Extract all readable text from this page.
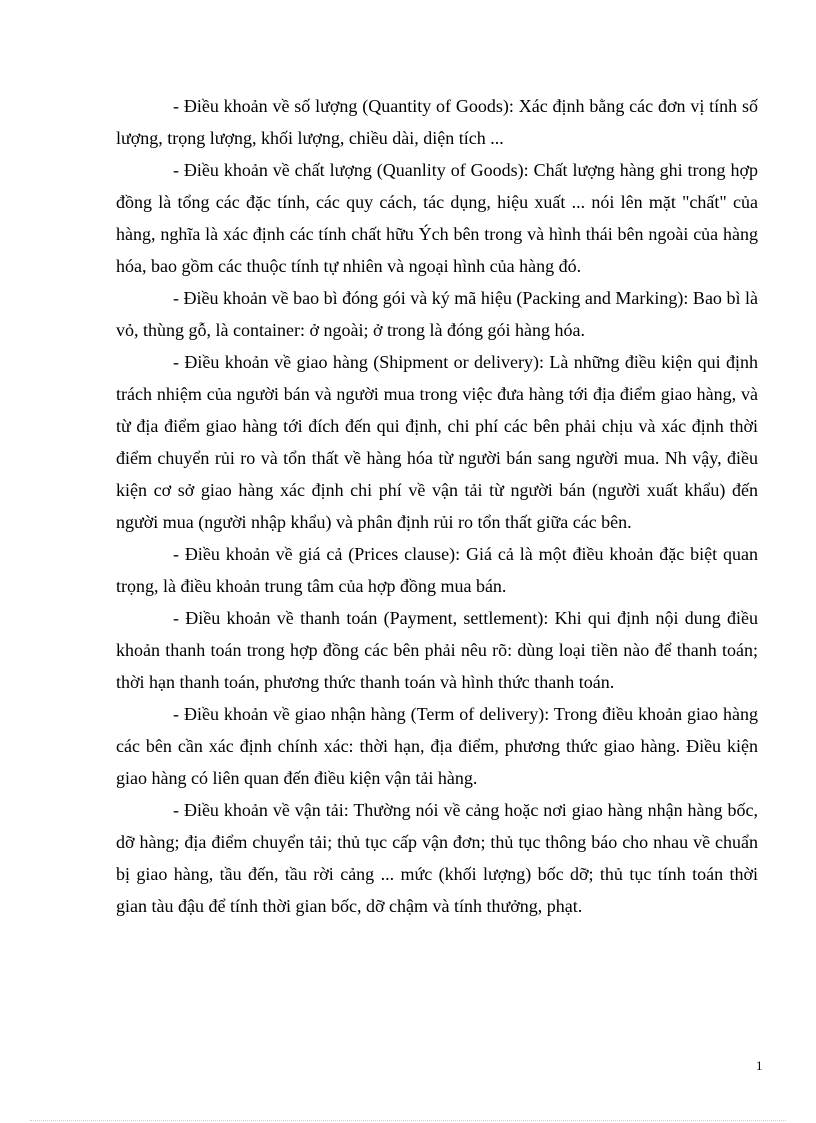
- Điều khoản về số lượng (Quantity of Goods): Xác định bằng các đơn vị tính số lượng, trọng lượng, khối lượng, chiều dài, diện tích ...

- Điều khoản về chất lượng (Quanlity of Goods): Chất lượng hàng ghi trong hợp đồng là tổng các đặc tính, các quy cách, tác dụng, hiệu xuất ... nói lên mặt "chất" của hàng, nghĩa là xác định các tính chất hữu Ých bên trong và hình thái bên ngoài của hàng hóa, bao gồm các thuộc tính tự nhiên và ngoại hình của hàng đó.

- Điều khoản về bao bì đóng gói và ký mã hiệu (Packing and Marking): Bao bì là vỏ, thùng gỗ, là container: ở ngoài; ở trong là đóng gói hàng hóa.

- Điều khoản về giao hàng (Shipment or delivery): Là những điều kiện qui định trách nhiệm của người bán và người mua trong việc đưa hàng tới địa điểm giao hàng, và từ địa điểm giao hàng tới đích đến qui định, chi phí các bên phải chịu và xác định thời điểm chuyển rủi ro và tổn thất về hàng hóa từ người bán sang người mua. Nh vậy, điều kiện cơ sở giao hàng xác định chi phí về vận tải từ người bán (người xuất khẩu) đến người mua (người nhập khẩu) và phân định rủi ro tổn thất giữa các bên.

- Điều khoản về giá cả (Prices clause): Giá cả là một điều khoản đặc biệt quan trọng, là điều khoản trung tâm của hợp đồng mua bán.

- Điều khoản về thanh toán (Payment, settlement): Khi qui định nội dung điều khoản thanh toán trong hợp đồng các bên phải nêu rõ: dùng loại tiền nào để thanh toán; thời hạn thanh toán, phương thức thanh toán và hình thức thanh toán.

- Điều khoản về giao nhận hàng (Term of delivery): Trong điều khoản giao hàng các bên cần xác định chính xác: thời hạn, địa điểm, phương thức giao hàng. Điều kiện giao hàng có liên quan đến điều kiện vận tải hàng.

- Điều khoản về vận tải: Thường nói về cảng hoặc nơi giao hàng nhận hàng bốc, dỡ hàng; địa điểm chuyển tải; thủ tục cấp vận đơn; thủ tục thông báo cho nhau về chuẩn bị giao hàng, tầu đến, tầu rời cảng ... mức (khối lượng) bốc dỡ; thủ tục tính toán thời gian tàu đậu để tính thời gian bốc, dỡ chậm và tính thưởng, phạt.

1
